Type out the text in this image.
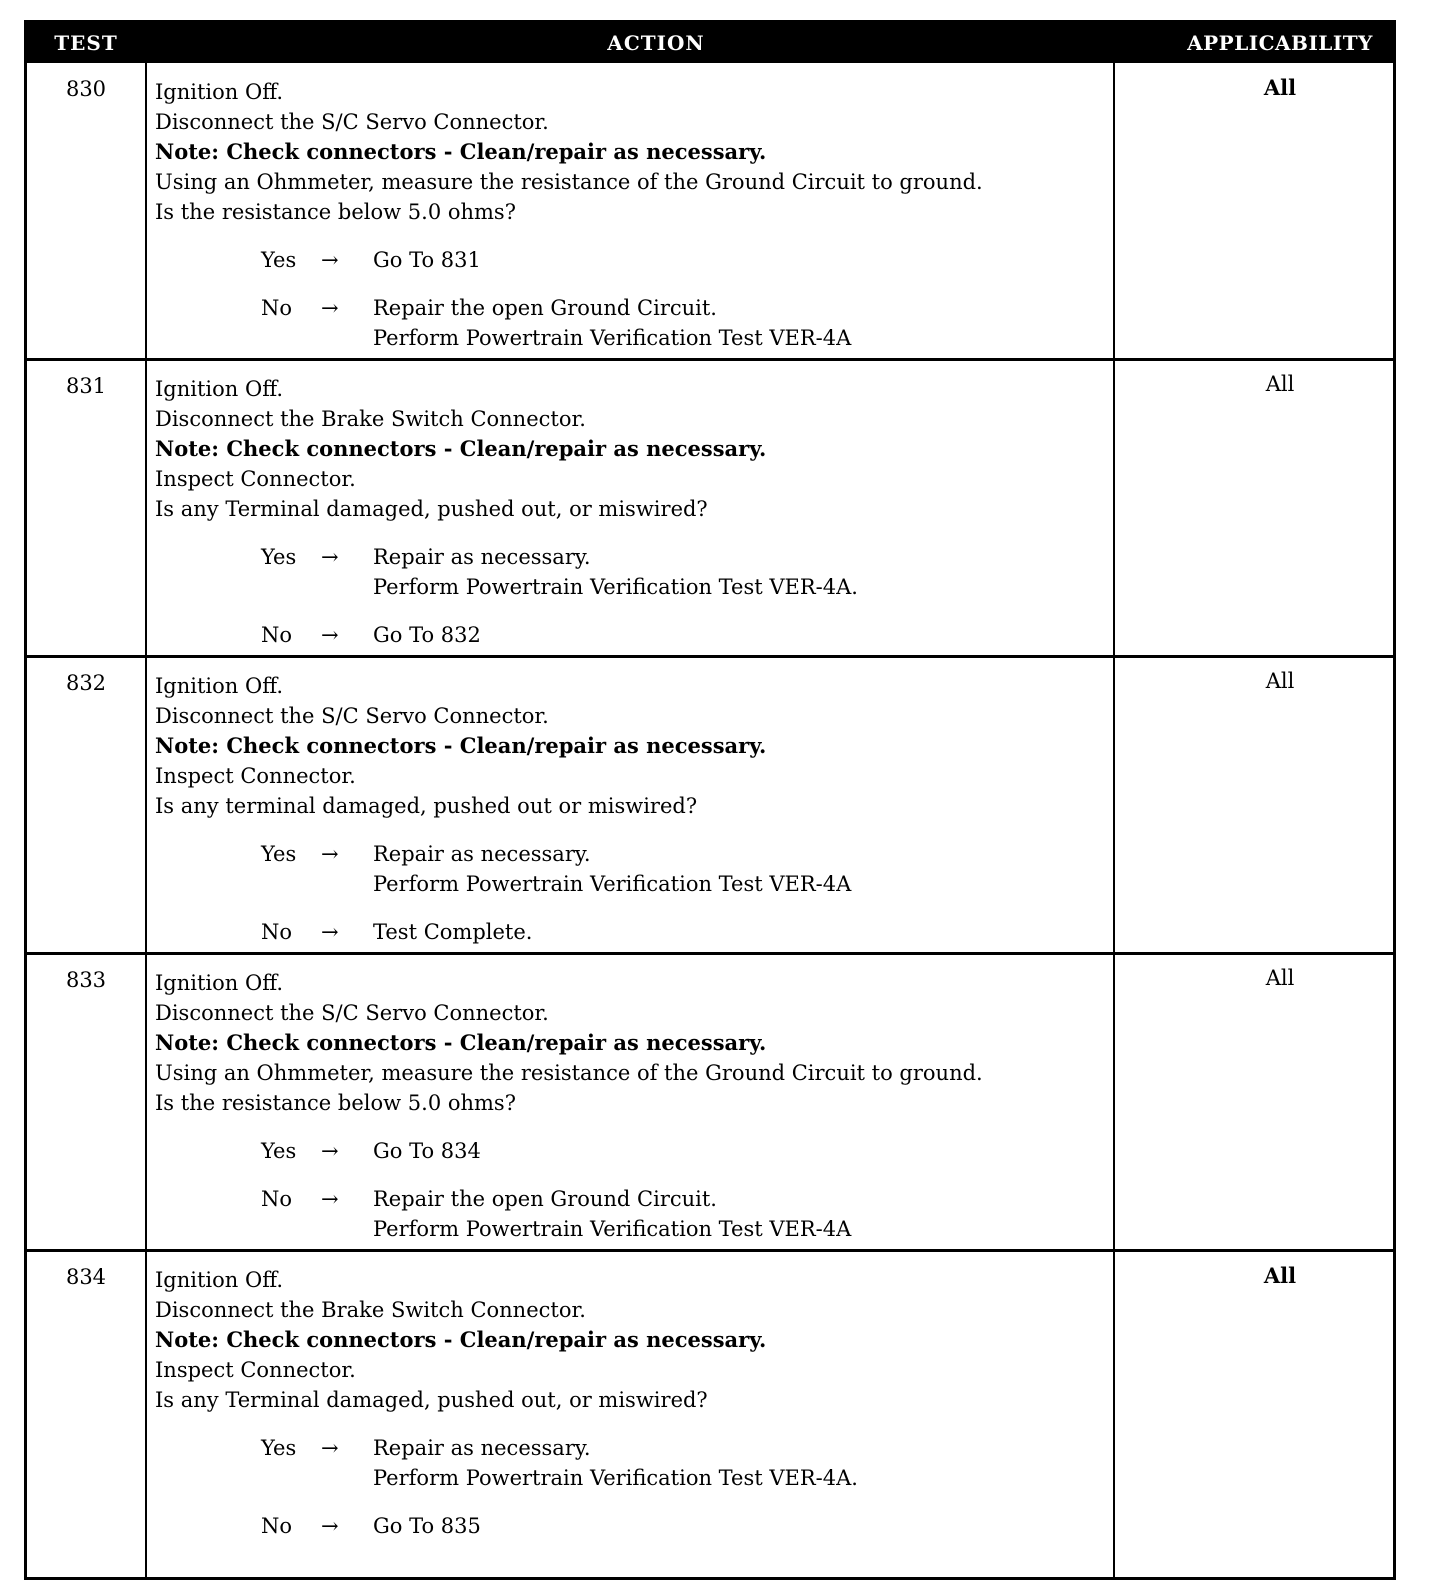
TEST	ACTION	APPLICABILITY
830	Ignition Off.
Disconnect the S/C Servo Connector.
Note: Check connectors - Clean/repair as necessary.
Using an Ohmmeter, measure the resistance of the Ground Circuit to ground.
Is the resistance below 5.0 ohms?
Yes	→	Go To 831
No	→	Repair the open Ground Circuit.
Perform Powertrain Verification Test VER-4A
All
831	Ignition Off.
Disconnect the Brake Switch Connector.
Note: Check connectors - Clean/repair as necessary.
Inspect Connector.
Is any Terminal damaged, pushed out, or miswired?
Yes	→	Repair as necessary.
Perform Powertrain Verification Test VER-4A.
No	→	Go To 832
All
832	Ignition Off.
Disconnect the S/C Servo Connector.
Note: Check connectors - Clean/repair as necessary.
Inspect Connector.
Is any terminal damaged, pushed out or miswired?
Yes	→	Repair as necessary.
Perform Powertrain Verification Test VER-4A
No	→	Test Complete.
All
833	Ignition Off.
Disconnect the S/C Servo Connector.
Note: Check connectors - Clean/repair as necessary.
Using an Ohmmeter, measure the resistance of the Ground Circuit to ground.
Is the resistance below 5.0 ohms?
Yes	→	Go To 834
No	→	Repair the open Ground Circuit.
Perform Powertrain Verification Test VER-4A
All
834	Ignition Off.
Disconnect the Brake Switch Connector.
Note: Check connectors - Clean/repair as necessary.
Inspect Connector.
Is any Terminal damaged, pushed out, or miswired?
Yes	→	Repair as necessary.
Perform Powertrain Verification Test VER-4A.
No	→	Go To 835
All
